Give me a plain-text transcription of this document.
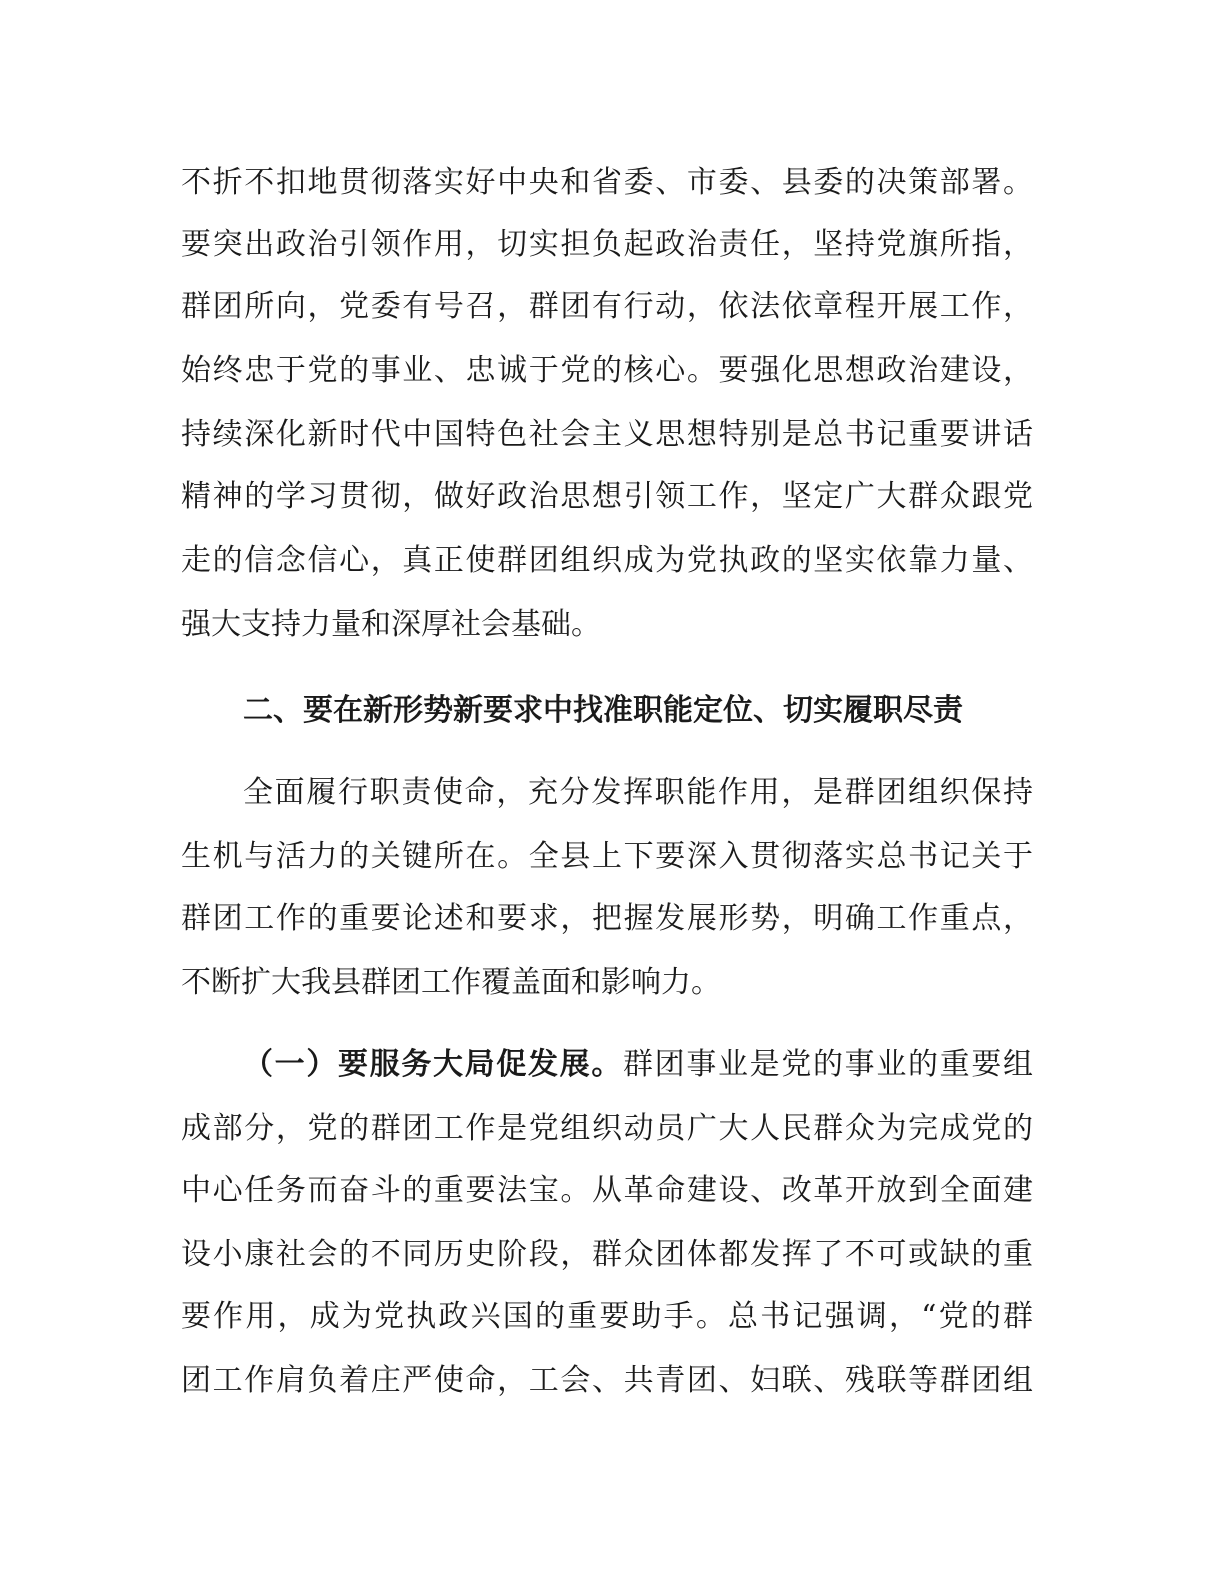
不折不扣地贯彻落实好中央和省委、市委、县委的决策部署。
要突出政治引领作用，切实担负起政治责任，坚持党旗所指，
群团所向，党委有号召，群团有行动，依法依章程开展工作，
始终忠于党的事业、忠诚于党的核心。要强化思想政治建设，
持续深化新时代中国特色社会主义思想特别是总书记重要讲话
精神的学习贯彻，做好政治思想引领工作，坚定广大群众跟党
走的信念信心，真正使群团组织成为党执政的坚实依靠力量、
强大支持力量和深厚社会基础。
二、要在新形势新要求中找准职能定位、切实履职尽责
全面履行职责使命，充分发挥职能作用，是群团组织保持
生机与活力的关键所在。全县上下要深入贯彻落实总书记关于
群团工作的重要论述和要求，把握发展形势，明确工作重点，
不断扩大我县群团工作覆盖面和影响力。
（一）要服务大局促发展。群团事业是党的事业的重要组
成部分，党的群团工作是党组织动员广大人民群众为完成党的
中心任务而奋斗的重要法宝。从革命建设、改革开放到全面建
设小康社会的不同历史阶段，群众团体都发挥了不可或缺的重
要作用，成为党执政兴国的重要助手。总书记强调，“党的群
团工作肩负着庄严使命，工会、共青团、妇联、残联等群团组
